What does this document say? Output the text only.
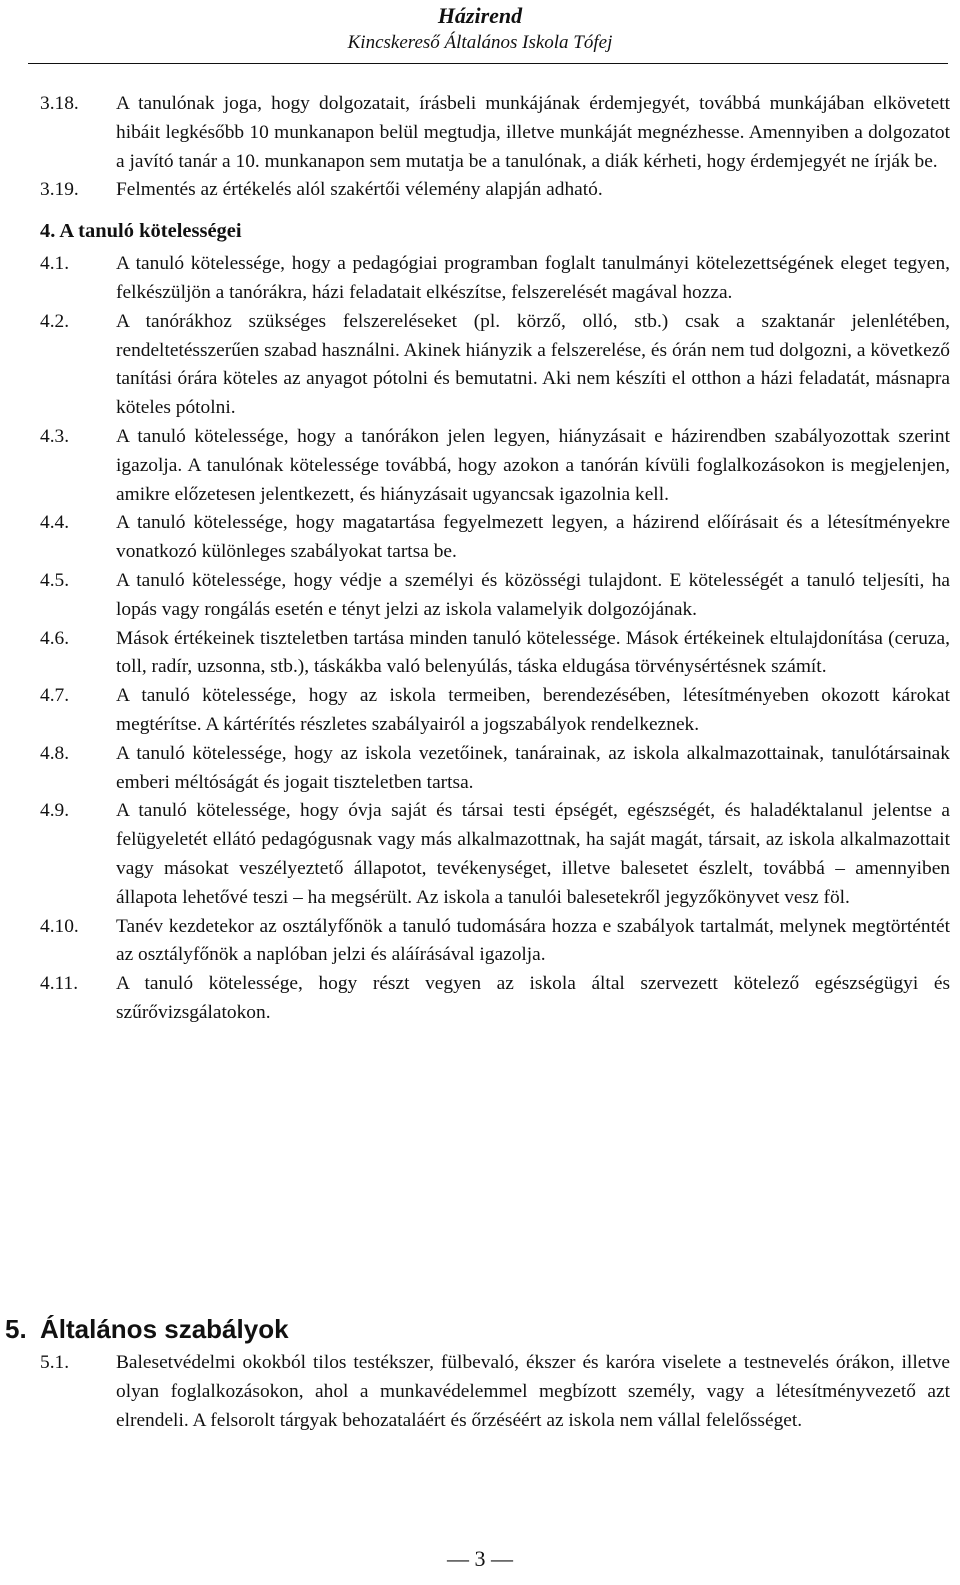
Házirend
Kincskereső Általános Iskola Tófej
3.18.	A tanulónak joga, hogy dolgozatait, írásbeli munkájának érdemjegyét, továbbá munkájában elkövetett hibáit legkésőbb 10 munkanapon belül megtudja, illetve munkáját megnézhesse. Amennyiben a dolgozatot a javító tanár a 10. munkanapon sem mutatja be a tanulónak, a diák kérheti, hogy érdemjegyét ne írják be.
3.19.	Felmentés az értékelés alól szakértői vélemény alapján adható.
4. A tanuló kötelességei
4.1.	A tanuló kötelessége, hogy a pedagógiai programban foglalt tanulmányi kötelezettségének eleget tegyen, felkészüljön a tanórákra, házi feladatait elkészítse, felszerelését magával hozza.
4.2.	A tanórákhoz szükséges felszereléseket (pl. körző, olló, stb.) csak a szaktanár jelenlétében, rendeltetésszerűen szabad használni. Akinek hiányzik a felszerelése, és órán nem tud dolgozni, a következő tanítási órára köteles az anyagot pótolni és bemutatni. Aki nem készíti el otthon a házi feladatát, másnapra köteles pótolni.
4.3.	A tanuló kötelessége, hogy a tanórákon jelen legyen, hiányzásait e házirendben szabályozottak szerint igazolja. A tanulónak kötelessége továbbá, hogy azokon a tanórán kívüli foglalkozásokon is megjelenjen, amikre előzetesen jelentkezett, és hiányzásait ugyancsak igazolnia kell.
4.4.	A tanuló kötelessége, hogy magatartása fegyelmezett legyen, a házirend előírásait és a létesítményekre vonatkozó különleges szabályokat tartsa be.
4.5.	A tanuló kötelessége, hogy védje a személyi és közösségi tulajdont. E kötelességét a tanuló teljesíti, ha lopás vagy rongálás esetén e tényt jelzi az iskola valamelyik dolgozójának.
4.6.	Mások értékeinek tiszteletben tartása minden tanuló kötelessége. Mások értékeinek eltulajdonítása (ceruza, toll, radír, uzsonna, stb.), táskákba való belenyúlás, táska eldugása törvénysértésnek számít.
4.7.	A tanuló kötelessége, hogy az iskola termeiben, berendezésében, létesítményeben okozott károkat megtérítse. A kártérítés részletes szabályairól a jogszabályok rendelkeznek.
4.8.	A tanuló kötelessége, hogy az iskola vezetőinek, tanárainak, az iskola alkalmazottainak, tanulótársainak emberi méltóságát és jogait tiszteletben tartsa.
4.9.	A tanuló kötelessége, hogy óvja saját és társai testi épségét, egészségét, és haladéktalanul jelentse a felügyeletét ellátó pedagógusnak vagy más alkalmazottnak, ha saját magát, társait, az iskola alkalmazottait vagy másokat veszélyeztető állapotot, tevékenységet, illetve balesetet észlelt, továbbá – amennyiben állapota lehetővé teszi – ha megsérült. Az iskola a tanulói balesetekről jegyzőkönyvet vesz föl.
4.10.	Tanév kezdetekor az osztályfőnök a tanuló tudomására hozza e szabályok tartalmát, melynek megtörténtét az osztályfőnök a naplóban jelzi és aláírásával igazolja.
4.11.	A tanuló kötelessége, hogy részt vegyen az iskola által szervezett kötelező egészségügyi és szűrővizsgálatokon.
5. Általános szabályok
5.1.	Balesetvédelmi okokból tilos testékszer, fülbevaló, ékszer és karóra viselete a testnevelés órákon, illetve olyan foglalkozásokon, ahol a munkavédelemmel megbízott személy, vagy a létesítményvezető azt elrendeli. A felsorolt tárgyak behozataláért és őrzéséért az iskola nem vállal felelősséget.
— 3 —
